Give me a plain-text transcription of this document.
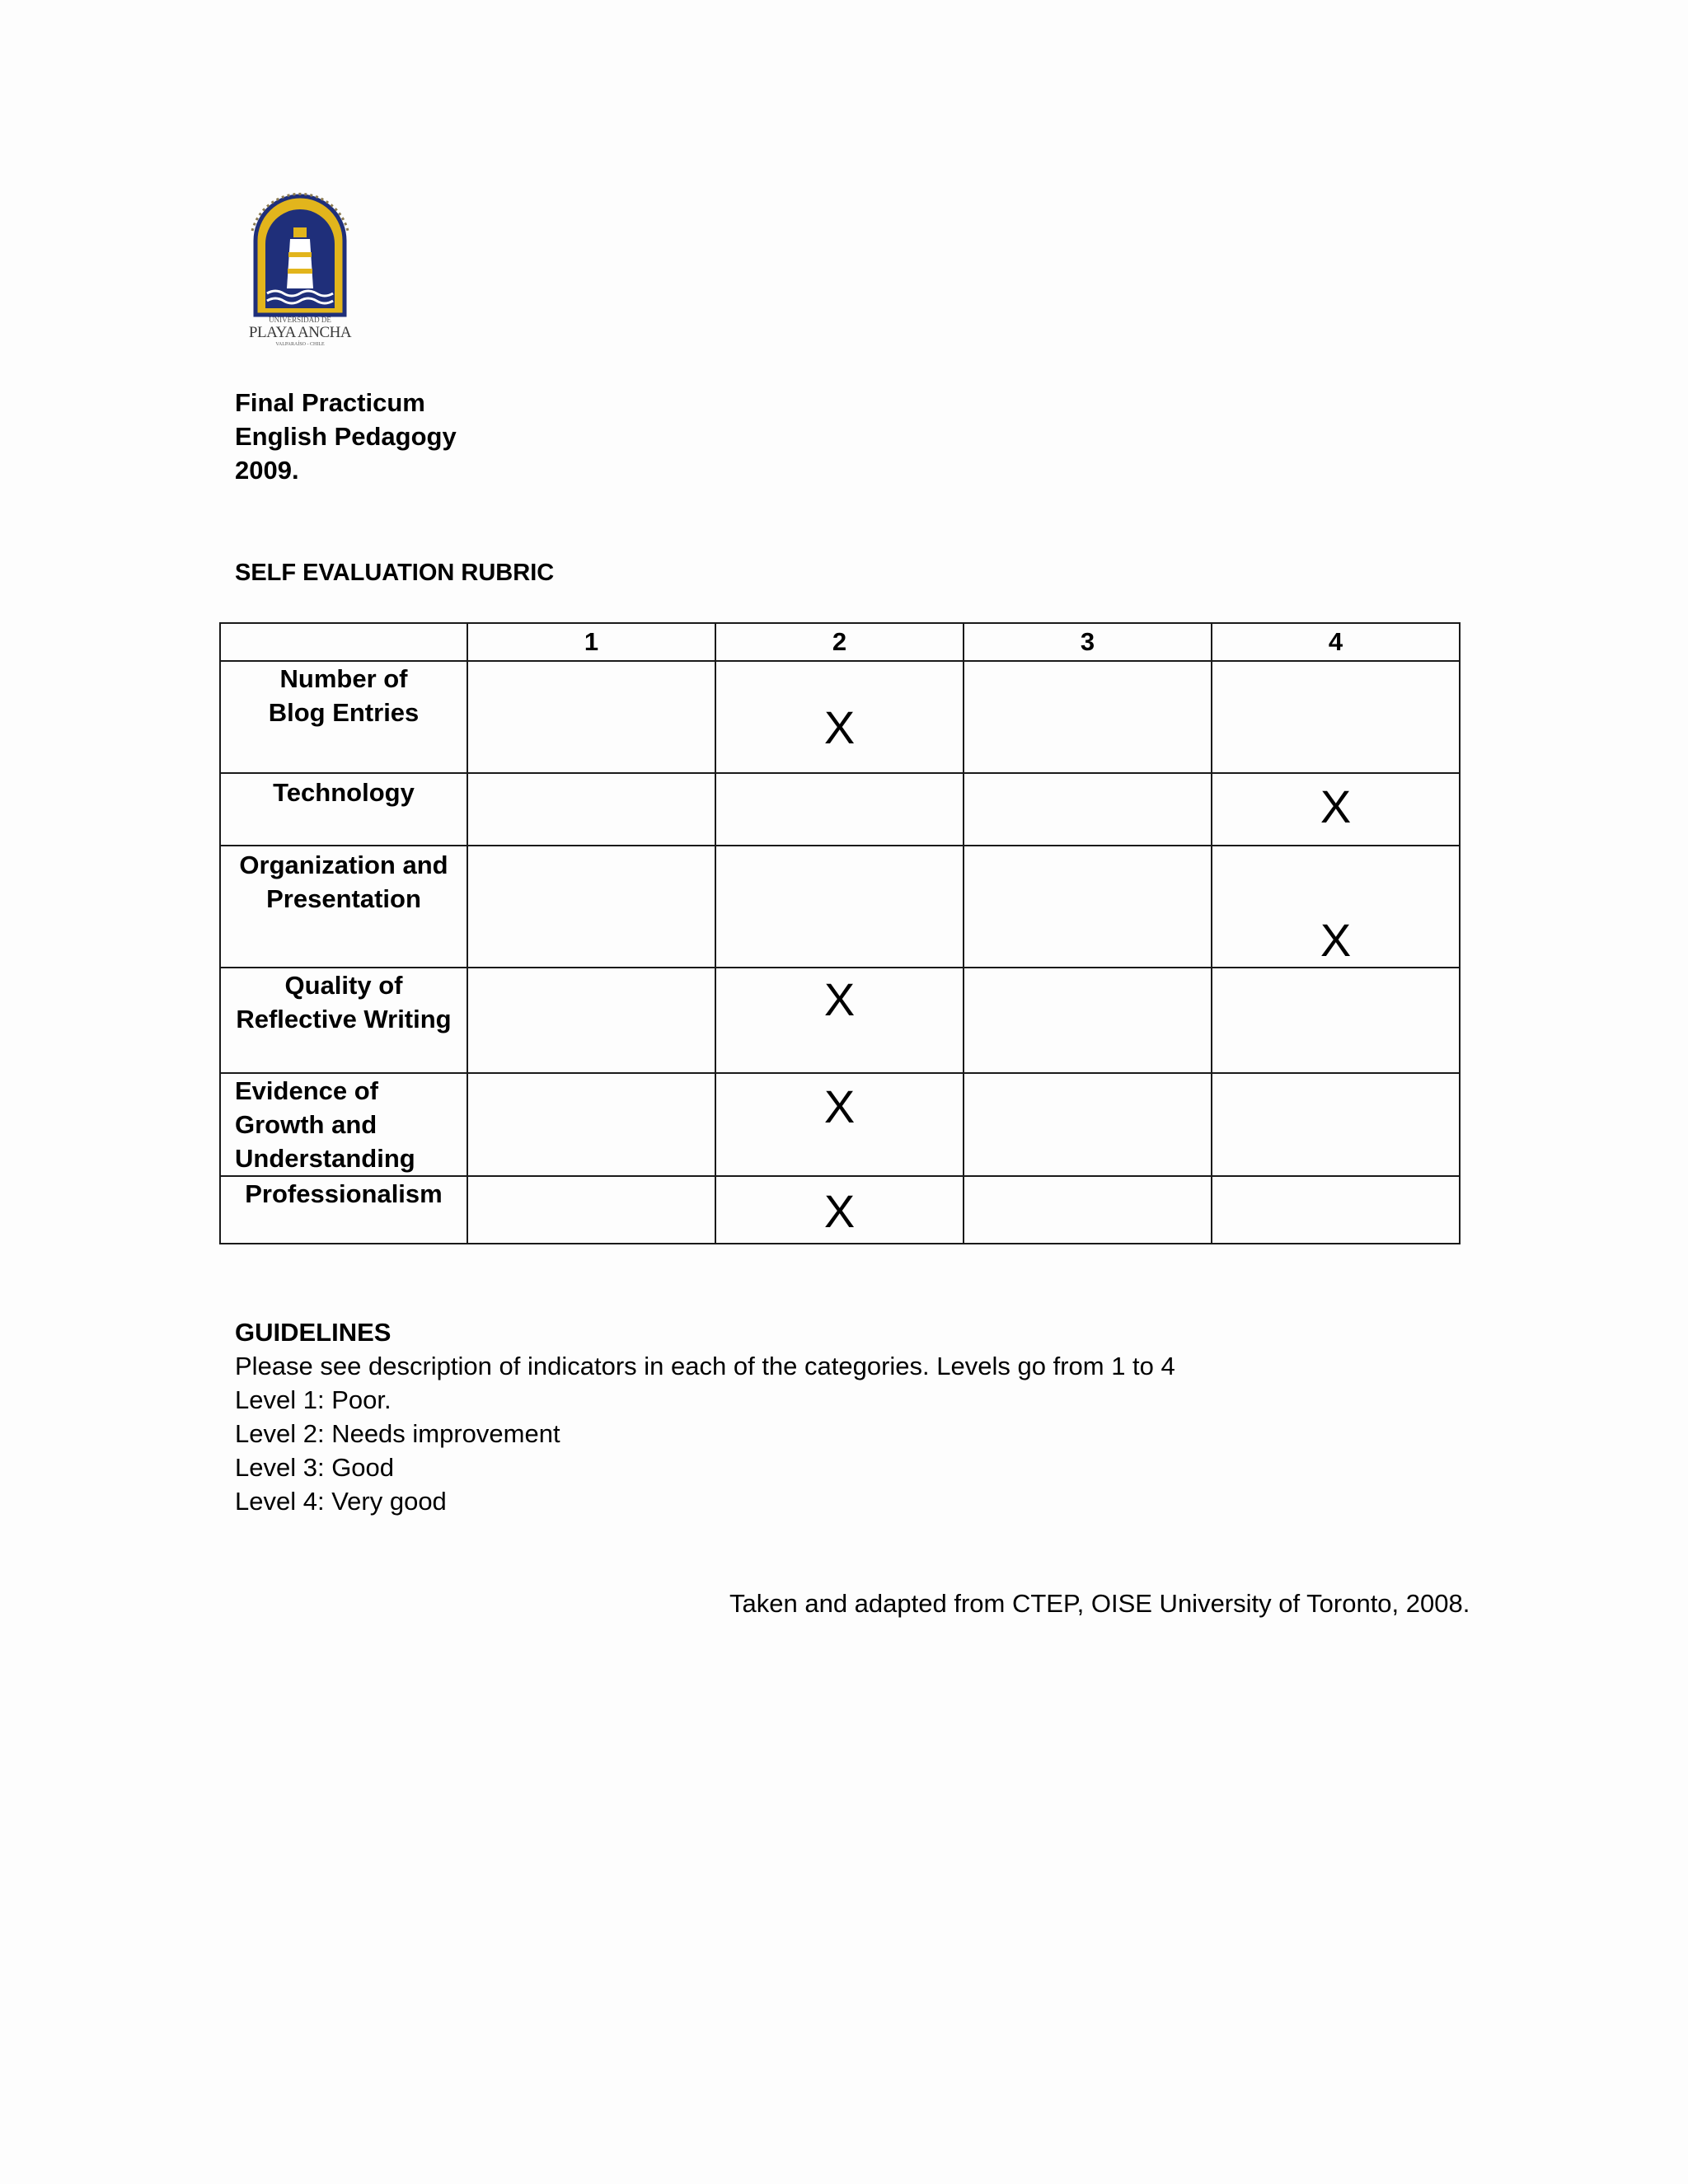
UNIVERSIDAD DE
PLAYA ANCHA
VALPARAÍSO - CHILE
Final Practicum
English Pedagogy
2009.
SELF EVALUATION RUBRIC
	1	2	3	4

Number of
Blog Entries		X		

Technology				X

Organization and
Presentation				X

Quality of
Reflective Writing		X		

Evidence of
Growth and
Understanding		X		

Professionalism		X		

GUIDELINES
Please see description of indicators in each of the categories. Levels go from 1 to 4
Level 1: Poor.
Level 2: Needs improvement
Level 3: Good
Level 4: Very good
Taken and adapted from CTEP, OISE University of Toronto, 2008.
